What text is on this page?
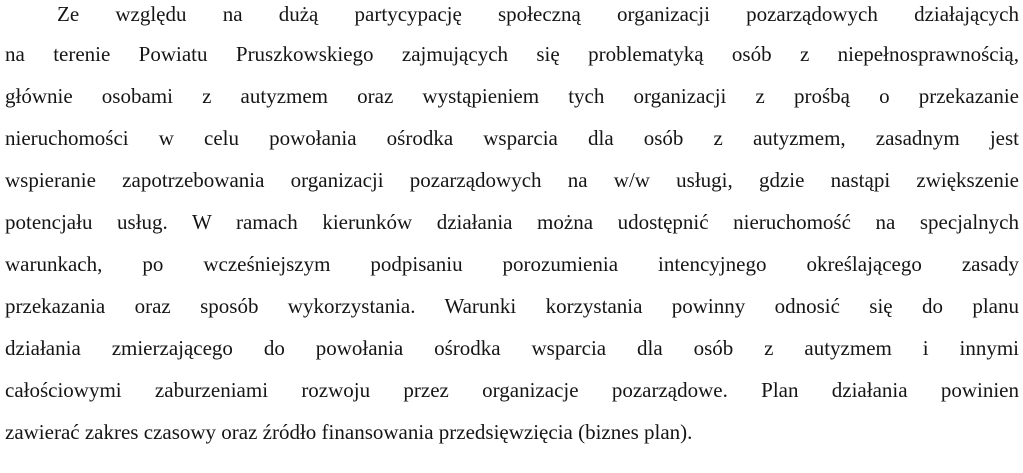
Ze względu na dużą partycypację społeczną organizacji pozarządowych działających
na terenie Powiatu Pruszkowskiego zajmujących się problematyką osób z niepełnosprawnością,
głównie osobami z autyzmem oraz wystąpieniem tych organizacji z prośbą o przekazanie
nieruchomości w celu powołania ośrodka wsparcia dla osób z autyzmem, zasadnym jest
wspieranie zapotrzebowania organizacji pozarządowych na w/w usługi, gdzie nastąpi zwiększenie
potencjału usług. W ramach kierunków działania można udostępnić nieruchomość na specjalnych
warunkach, po wcześniejszym podpisaniu porozumienia intencyjnego określającego zasady
przekazania oraz sposób wykorzystania. Warunki korzystania powinny odnosić się do planu
działania zmierzającego do powołania ośrodka wsparcia dla osób z autyzmem i innymi
całościowymi zaburzeniami rozwoju przez organizacje pozarządowe. Plan działania powinien
zawierać zakres czasowy oraz źródło finansowania przedsięwzięcia (biznes plan).
